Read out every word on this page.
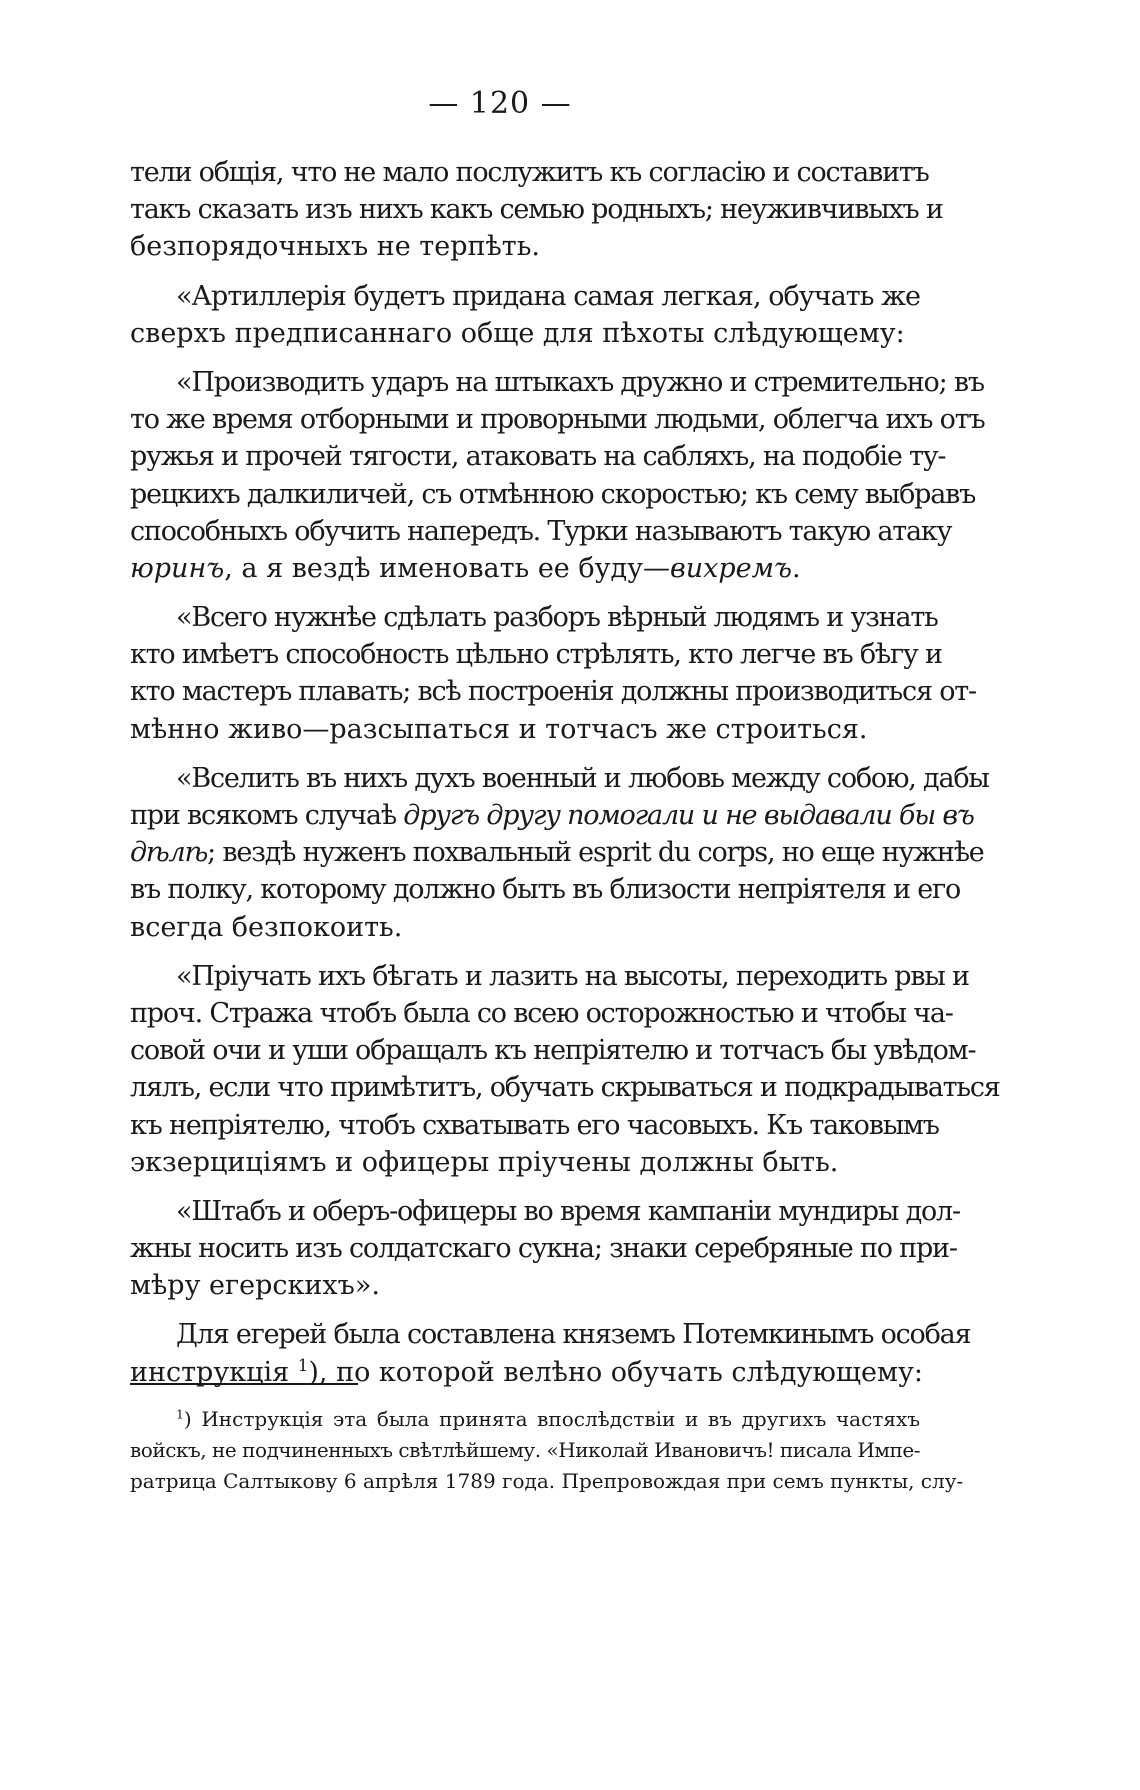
— 120 —
тели общія, что не мало послужитъ къ согласію и составитъ
такъ сказать изъ нихъ какъ семью родныхъ; неуживчивыхъ и
безпорядочныхъ не терпѣть.
«Артиллерія будетъ придана самая легкая, обучать же
сверхъ предписаннаго обще для пѣхоты слѣдующему:
«Производить ударъ на штыкахъ дружно и стремительно; въ
то же время отборными и проворными людьми, облегча ихъ отъ
ружья и прочей тягости, атаковать на сабляхъ, на подобіе ту-
рецкихъ далкиличей, съ отмѣнною скоростью; къ сему выбравъ
способныхъ обучить напередъ. Турки называютъ такую атаку
юринъ, а я вездѣ именовать ее буду—вихремъ.
«Всего нужнѣе сдѣлать разборъ вѣрный людямъ и узнать
кто имѣетъ способность цѣльно стрѣлять, кто легче въ бѣгу и
кто мастеръ плавать; всѣ построенія должны производиться от-
мѣнно живо—разсыпаться и тотчасъ же строиться.
«Вселить въ нихъ духъ военный и любовь между собою, дабы
при всякомъ случаѣ другъ другу помогали и не выдавали бы въ
дѣлѣ; вездѣ нуженъ похвальный esprit du corps, но еще нужнѣе
въ полку, которому должно быть въ близости непріятеля и его
всегда безпокоить.
«Пріучать ихъ бѣгать и лазить на высоты, переходить рвы и
проч. Стража чтобъ была со всею осторожностью и чтобы ча-
совой очи и уши обращалъ къ непріятелю и тотчасъ бы увѣдом-
лялъ, если что примѣтитъ, обучать скрываться и подкрадываться
къ непріятелю, чтобъ схватывать его часовыхъ. Къ таковымъ
экзерциціямъ и офицеры пріучены должны быть.
«Штабъ и оберъ-офицеры во время кампаніи мундиры дол-
жны носить изъ солдатскаго сукна; знаки серебряные по при-
мѣру егерскихъ».
Для егерей была составлена княземъ Потемкинымъ особая
инструкція $^1$), по которой велѣно обучать слѣдующему:
$^1$) Инструкція эта была принята впослѣдствіи и въ другихъ частяхъ
войскъ, не подчиненныхъ свѣтлѣйшему. «Николай Ивановичъ! писала Импе-
ратрица Салтыкову 6 апрѣля 1789 года. Препровождая при семъ пункты, слу-
